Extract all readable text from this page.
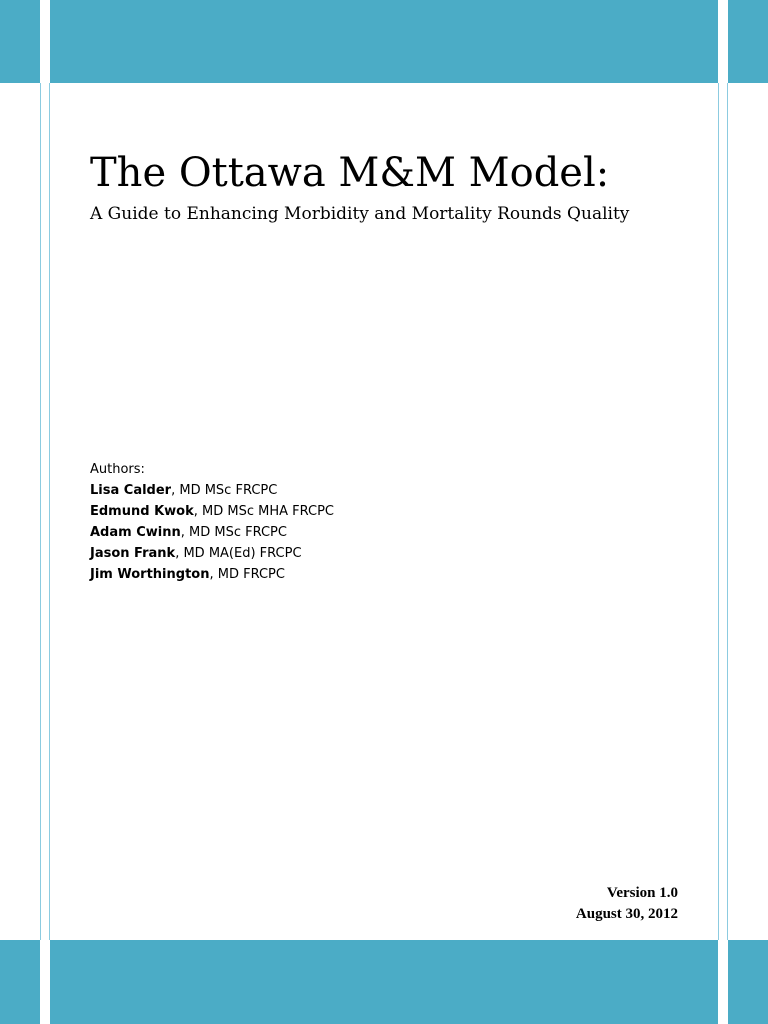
The Ottawa M&M Model:
A Guide to Enhancing Morbidity and Mortality Rounds Quality
Authors:
Lisa Calder, MD MSc FRCPC
Edmund Kwok, MD MSc MHA FRCPC
Adam Cwinn, MD MSc FRCPC
Jason Frank, MD MA(Ed) FRCPC
Jim Worthington, MD FRCPC
Version 1.0
August 30, 2012
